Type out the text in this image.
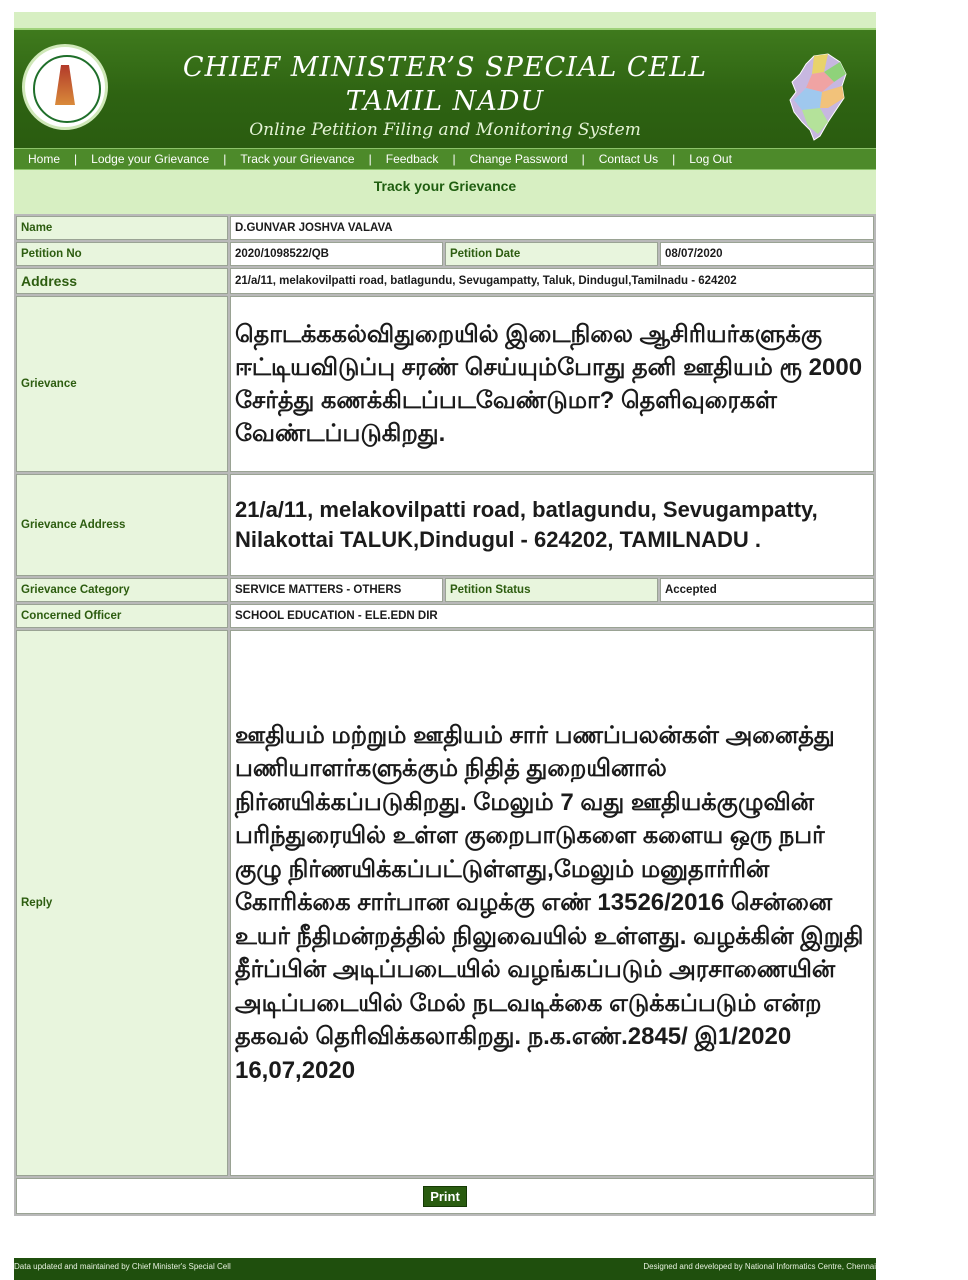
CHIEF MINISTER’S SPECIAL CELL
TAMIL NADU
Online Petition Filing and Monitoring System
Home | Lodge your Grievance | Track your Grievance | Feedback | Change Password | Contact Us | Log Out
Track your Grievance
Name	D.GUNVAR JOSHVA VALAVA		
Petition No	2020/1098522/QB	Petition Date	08/07/2020
Address	21/a/11, melakovilpatti road, batlagundu, Sevugampatty, Taluk, Dindugul,Tamilnadu - 624202		
Grievance	தொடக்ககல்விதுறையில் இடைநிலை ஆசிரியர்களுக்கு ஈட்டியவிடுப்பு சரண் செய்யும்போது தனி ஊதியம் ரூ 2000 சேர்த்து கணக்கிடப்படவேண்டுமா? தெளிவுரைகள் வேண்டப்படுகிறது.		
Grievance Address	21/a/11, melakovilpatti road, batlagundu, Sevugampatty, Nilakottai TALUK,Dindugul - 624202, TAMILNADU .		
Grievance Category	SERVICE MATTERS - OTHERS	Petition Status	Accepted
Concerned Officer	SCHOOL EDUCATION - ELE.EDN DIR		
Reply	ஊதியம் மற்றும் ஊதியம் சார் பணப்பலன்கள் அனைத்து பணியாளர்களுக்கும் நிதித் துறையினால் நிர்னயிக்கப்படுகிறது. மேலும் 7 வது ஊதியக்குழுவின் பரிந்துரையில் உள்ள குறைபாடுகளை களைய ஒரு நபர் குழு நிர்ணயிக்கப்பட்டுள்ளது,மேலும் மனுதார்ரின் கோரிக்கை சார்பான வழக்கு எண் 13526/2016 சென்னை உயர் நீதிமன்றத்தில் நிலுவையில் உள்ளது. வழக்கின் இறுதி தீர்ப்பின் அடிப்படையில் வழங்கப்படும் அரசாணையின் அடிப்படையில் மேல் நடவடிக்கை எடுக்கப்படும் என்ற தகவல் தெரிவிக்கலாகிறது. ந.க.எண்.2845/ இ1/2020 16,07,2020		
Print			
Data updated and maintained by Chief Minister's Special Cell	Designed and developed by National Informatics Centre, Chennai
